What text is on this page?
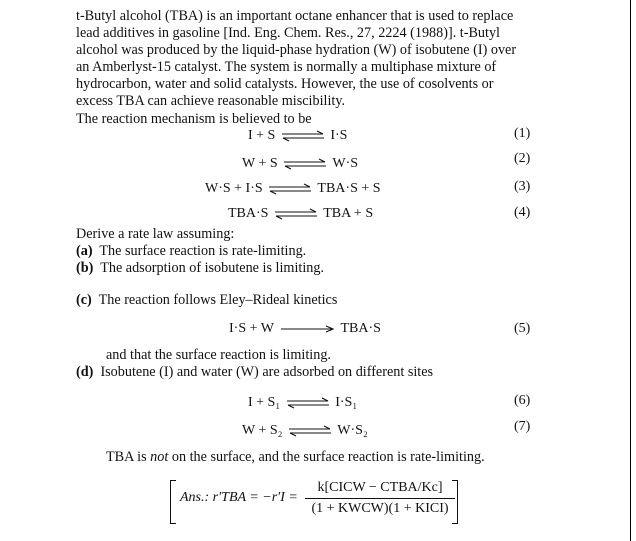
t-Butyl alcohol (TBA) is an important octane enhancer that is used to replace
lead additives in gasoline [Ind. Eng. Chem. Res., 27, 2224 (1988)]. t-Butyl
alcohol was produced by the liquid-phase hydration (W) of isobutene (I) over
an Amberlyst-15 catalyst. The system is normally a multiphase mixture of
hydrocarbon, water and solid catalysts. However, the use of cosolvents or
excess TBA can achieve reasonable miscibility.
The reaction mechanism is believed to be
I + S ⇌ I·S	(1)
W + S ⇌ W·S	(2)
W·S + I·S ⇌ TBA·S + S	(3)
TBA·S ⇌ TBA + S	(4)
Derive a rate law assuming:
(a) The surface reaction is rate-limiting.
(b) The adsorption of isobutene is limiting.
(c) The reaction follows Eley–Rideal kinetics
I·S + W	TBA·S	(5)
and that the surface reaction is limiting.
(d) Isobutene (I) and water (W) are adsorbed on different sites
I + S₁ ⇌ I·S₁	(6)
W + S₂ ⇌ W·S₂	(7)
TBA is not on the surface, and the surface reaction is rate-limiting.
Ans.: r′TBA = −r′I =
k[CICW − CTBA/Kc]
(1 + KWCW)(1 + KICI)
